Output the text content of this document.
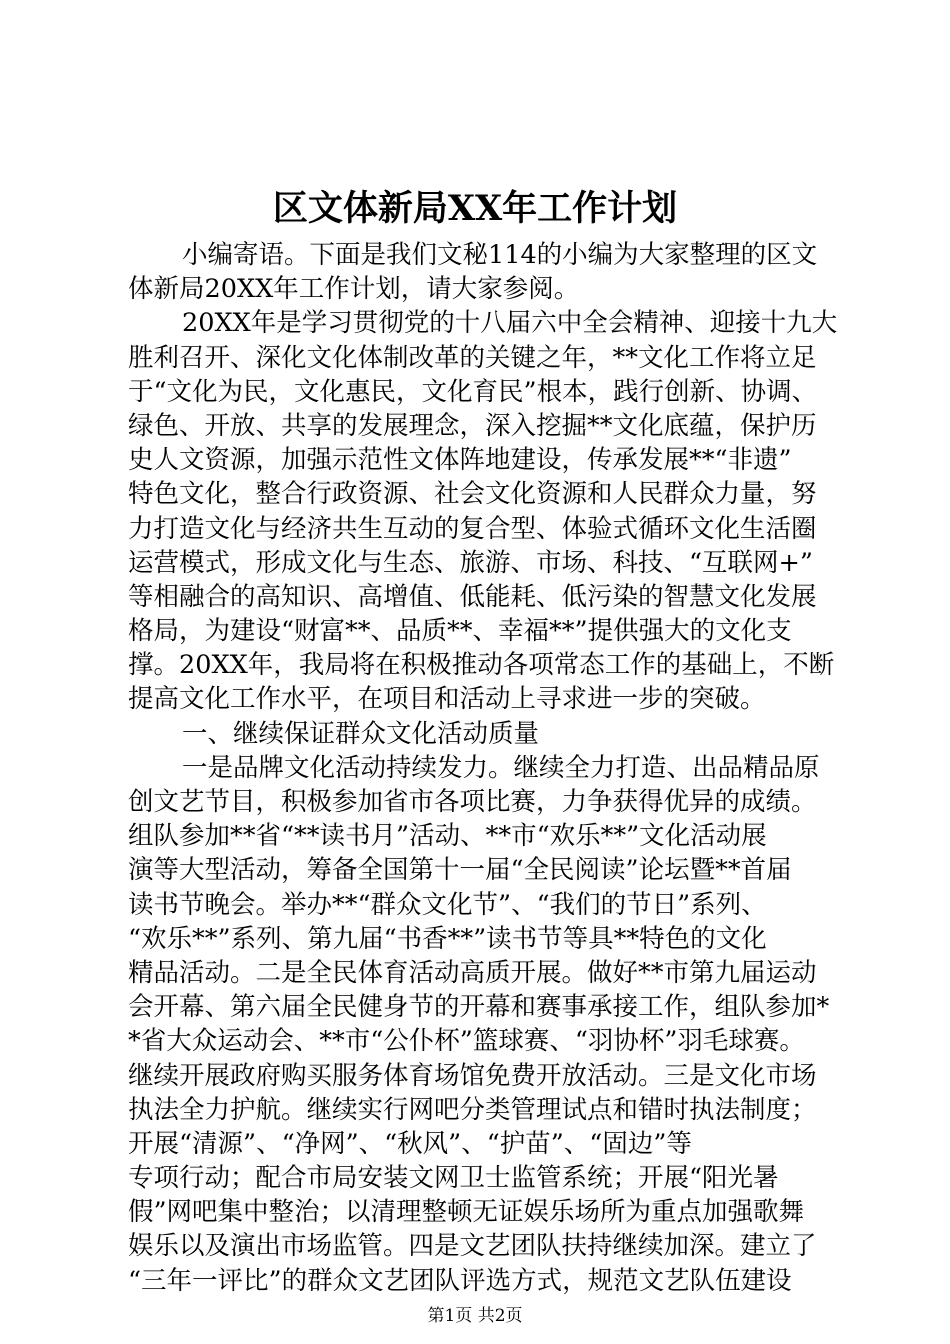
区文体新局XX年工作计划
小编寄语。下面是我们文秘114的小编为大家整理的区文
体新局20XX年工作计划，请大家参阅。
20XX年是学习贯彻党的十八届六中全会精神、迎接十九大
胜利召开、深化文化体制改革的关键之年，**文化工作将立足
于“文化为民，文化惠民，文化育民”根本，践行创新、协调、
绿色、开放、共享的发展理念，深入挖掘**文化底蕴，保护历
史人文资源，加强示范性文体阵地建设，传承发展**“非遗”
特色文化，整合行政资源、社会文化资源和人民群众力量，努
力打造文化与经济共生互动的复合型、体验式循环文化生活圈
运营模式，形成文化与生态、旅游、市场、科技、“互联网+”
等相融合的高知识、高增值、低能耗、低污染的智慧文化发展
格局，为建设“财富**、品质**、幸福**”提供强大的文化支
撑。20XX年，我局将在积极推动各项常态工作的基础上，不断
提高文化工作水平，在项目和活动上寻求进一步的突破。
一、继续保证群众文化活动质量
一是品牌文化活动持续发力。继续全力打造、出品精品原
创文艺节目，积极参加省市各项比赛，力争获得优异的成绩。
组队参加**省“**读书月”活动、**市“欢乐**”文化活动展
演等大型活动，筹备全国第十一届“全民阅读”论坛暨**首届
读书节晚会。举办**“群众文化节”、“我们的节日”系列、
“欢乐**”系列、第九届“书香**”读书节等具**特色的文化
精品活动。二是全民体育活动高质开展。做好**市第九届运动
会开幕、第六届全民健身节的开幕和赛事承接工作，组队参加*
*省大众运动会、**市“公仆杯”篮球赛、“羽协杯”羽毛球赛。
继续开展政府购买服务体育场馆免费开放活动。三是文化市场
执法全力护航。继续实行网吧分类管理试点和错时执法制度；
开展“清源”、“净网”、“秋风”、“护苗”、“固边”等
专项行动；配合市局安装文网卫士监管系统；开展“阳光暑
假”网吧集中整治；以清理整顿无证娱乐场所为重点加强歌舞
娱乐以及演出市场监管。四是文艺团队扶持继续加深。建立了
“三年一评比”的群众文艺团队评选方式，规范文艺队伍建设
第1页 共2页
